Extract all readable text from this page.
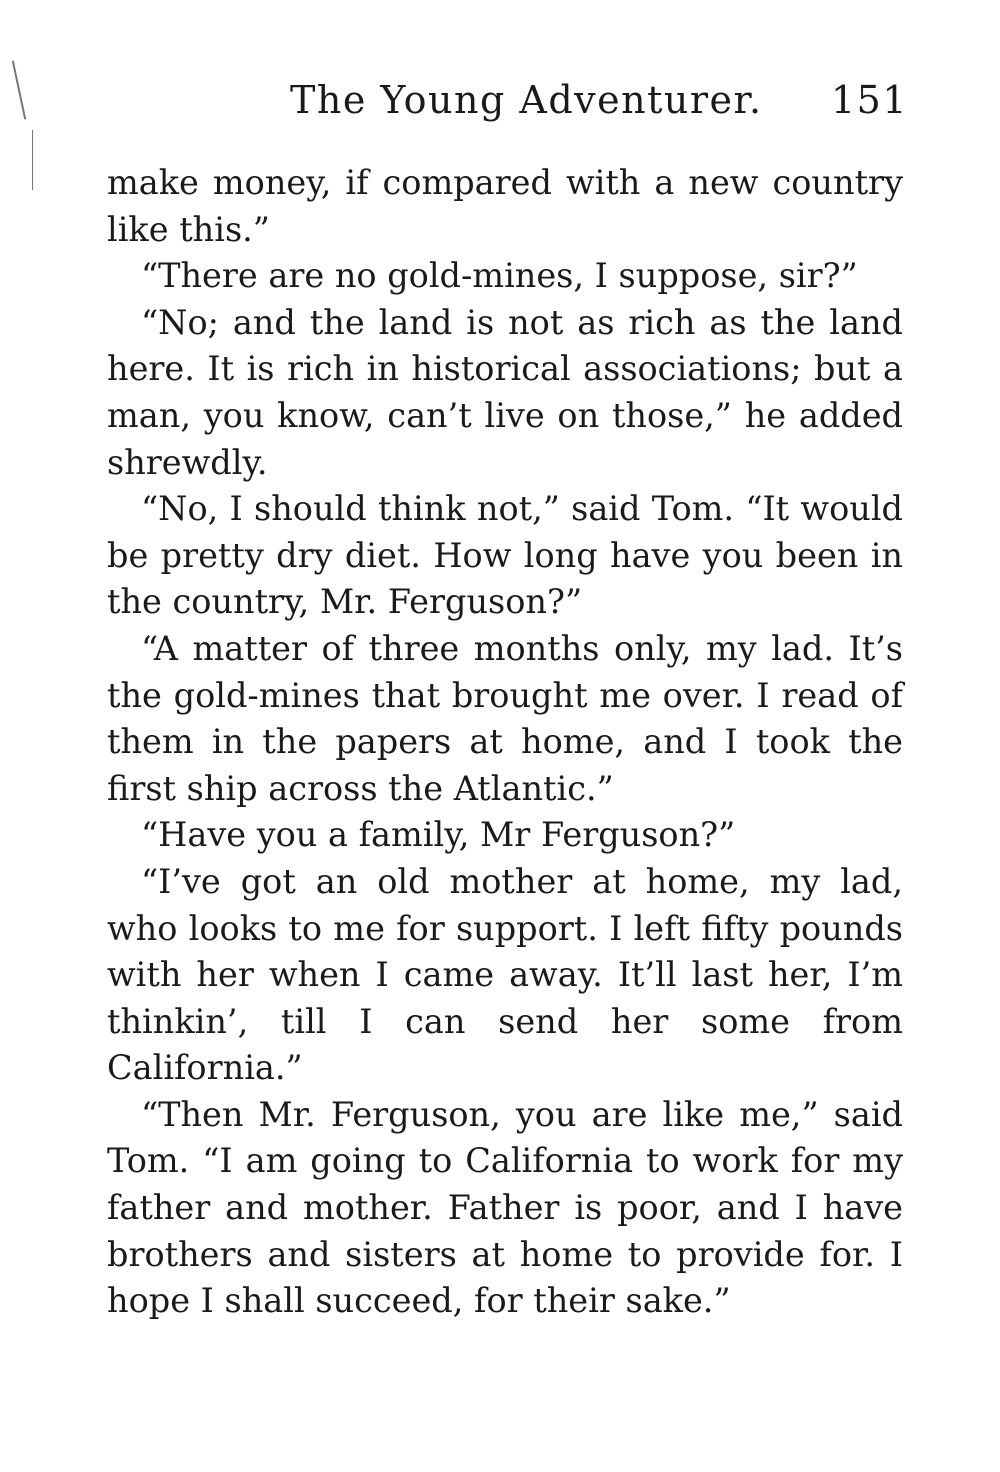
The Young Adventurer. 151

make money, if compared with a new country like this.”

“There are no gold-mines, I suppose, sir?”

“No; and the land is not as rich as the land here. It is rich in historical associations; but a man, you know, can’t live on those,” he added shrewdly.

“No, I should think not,” said Tom. “It would be pretty dry diet. How long have you been in the country, Mr. Ferguson?”

“A matter of three months only, my lad. It’s the gold-mines that brought me over. I read of them in the papers at home, and I took the first ship across the Atlantic.”

“Have you a family, Mr Ferguson?”

“I’ve got an old mother at home, my lad, who looks to me for support. I left fifty pounds with her when I came away. It’ll last her, I’m thinkin’, till I can send her some from California.”

“Then Mr. Ferguson, you are like me,” said Tom. “I am going to California to work for my father and mother. Father is poor, and I have brothers and sisters at home to provide for. I hope I shall succeed, for their sake.”
